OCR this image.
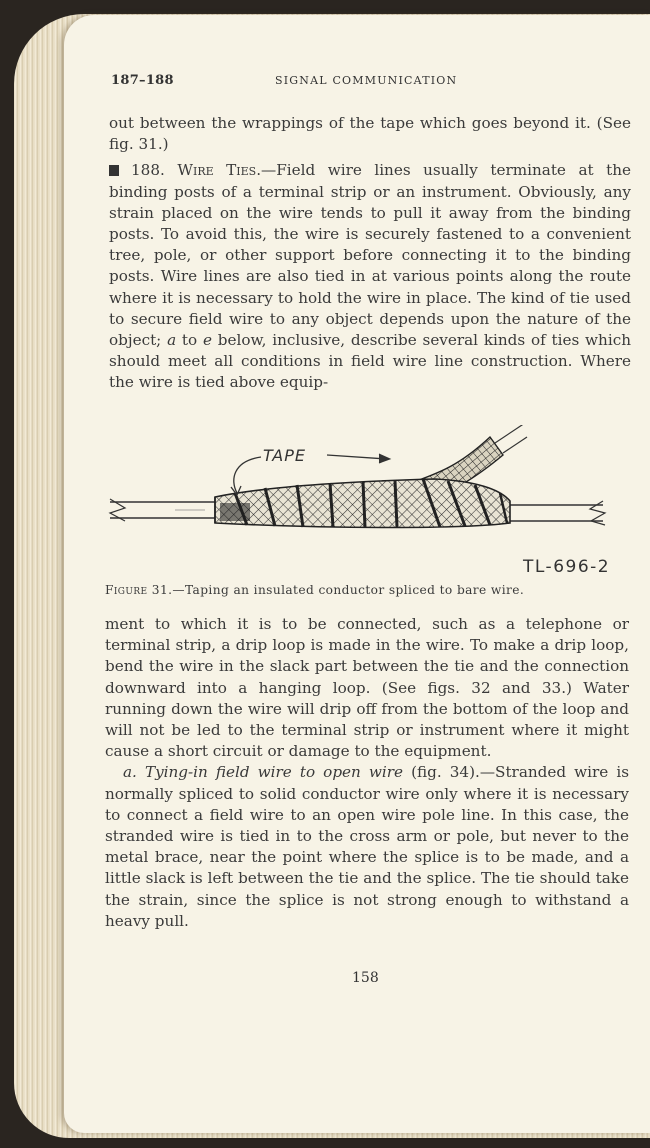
187–188	SIGNAL COMMUNICATION

out between the wrappings of the tape which goes beyond it. (See fig. 31.)

188. Wire Ties.—Field wire lines usually terminate at the binding posts of a terminal strip or an instrument. Obviously, any strain placed on the wire tends to pull it away from the binding posts. To avoid this, the wire is securely fastened to a convenient tree, pole, or other support before connecting it to the binding posts. Wire lines are also tied in at various points along the route where it is necessary to hold the wire in place. The kind of tie used to secure field wire to any object depends upon the nature of the object; a to e below, inclusive, describe several kinds of ties which should meet all conditions in field wire line construction. Where the wire is tied above equip-

TAPE
TL-696-2
Figure 31.—Taping an insulated conductor spliced to bare wire.

ment to which it is to be connected, such as a telephone or terminal strip, a drip loop is made in the wire. To make a drip loop, bend the wire in the slack part between the tie and the connection downward into a hanging loop. (See figs. 32 and 33.) Water running down the wire will drip off from the bottom of the loop and will not be led to the terminal strip or instrument where it might cause a short circuit or damage to the equipment.

a. Tying-in field wire to open wire (fig. 34).—Stranded wire is normally spliced to solid conductor wire only where it is necessary to connect a field wire to an open wire pole line. In this case, the stranded wire is tied in to the cross arm or pole, but never to the metal brace, near the point where the splice is to be made, and a little slack is left between the tie and the splice. The tie should take the strain, since the splice is not strong enough to withstand a heavy pull.

158
